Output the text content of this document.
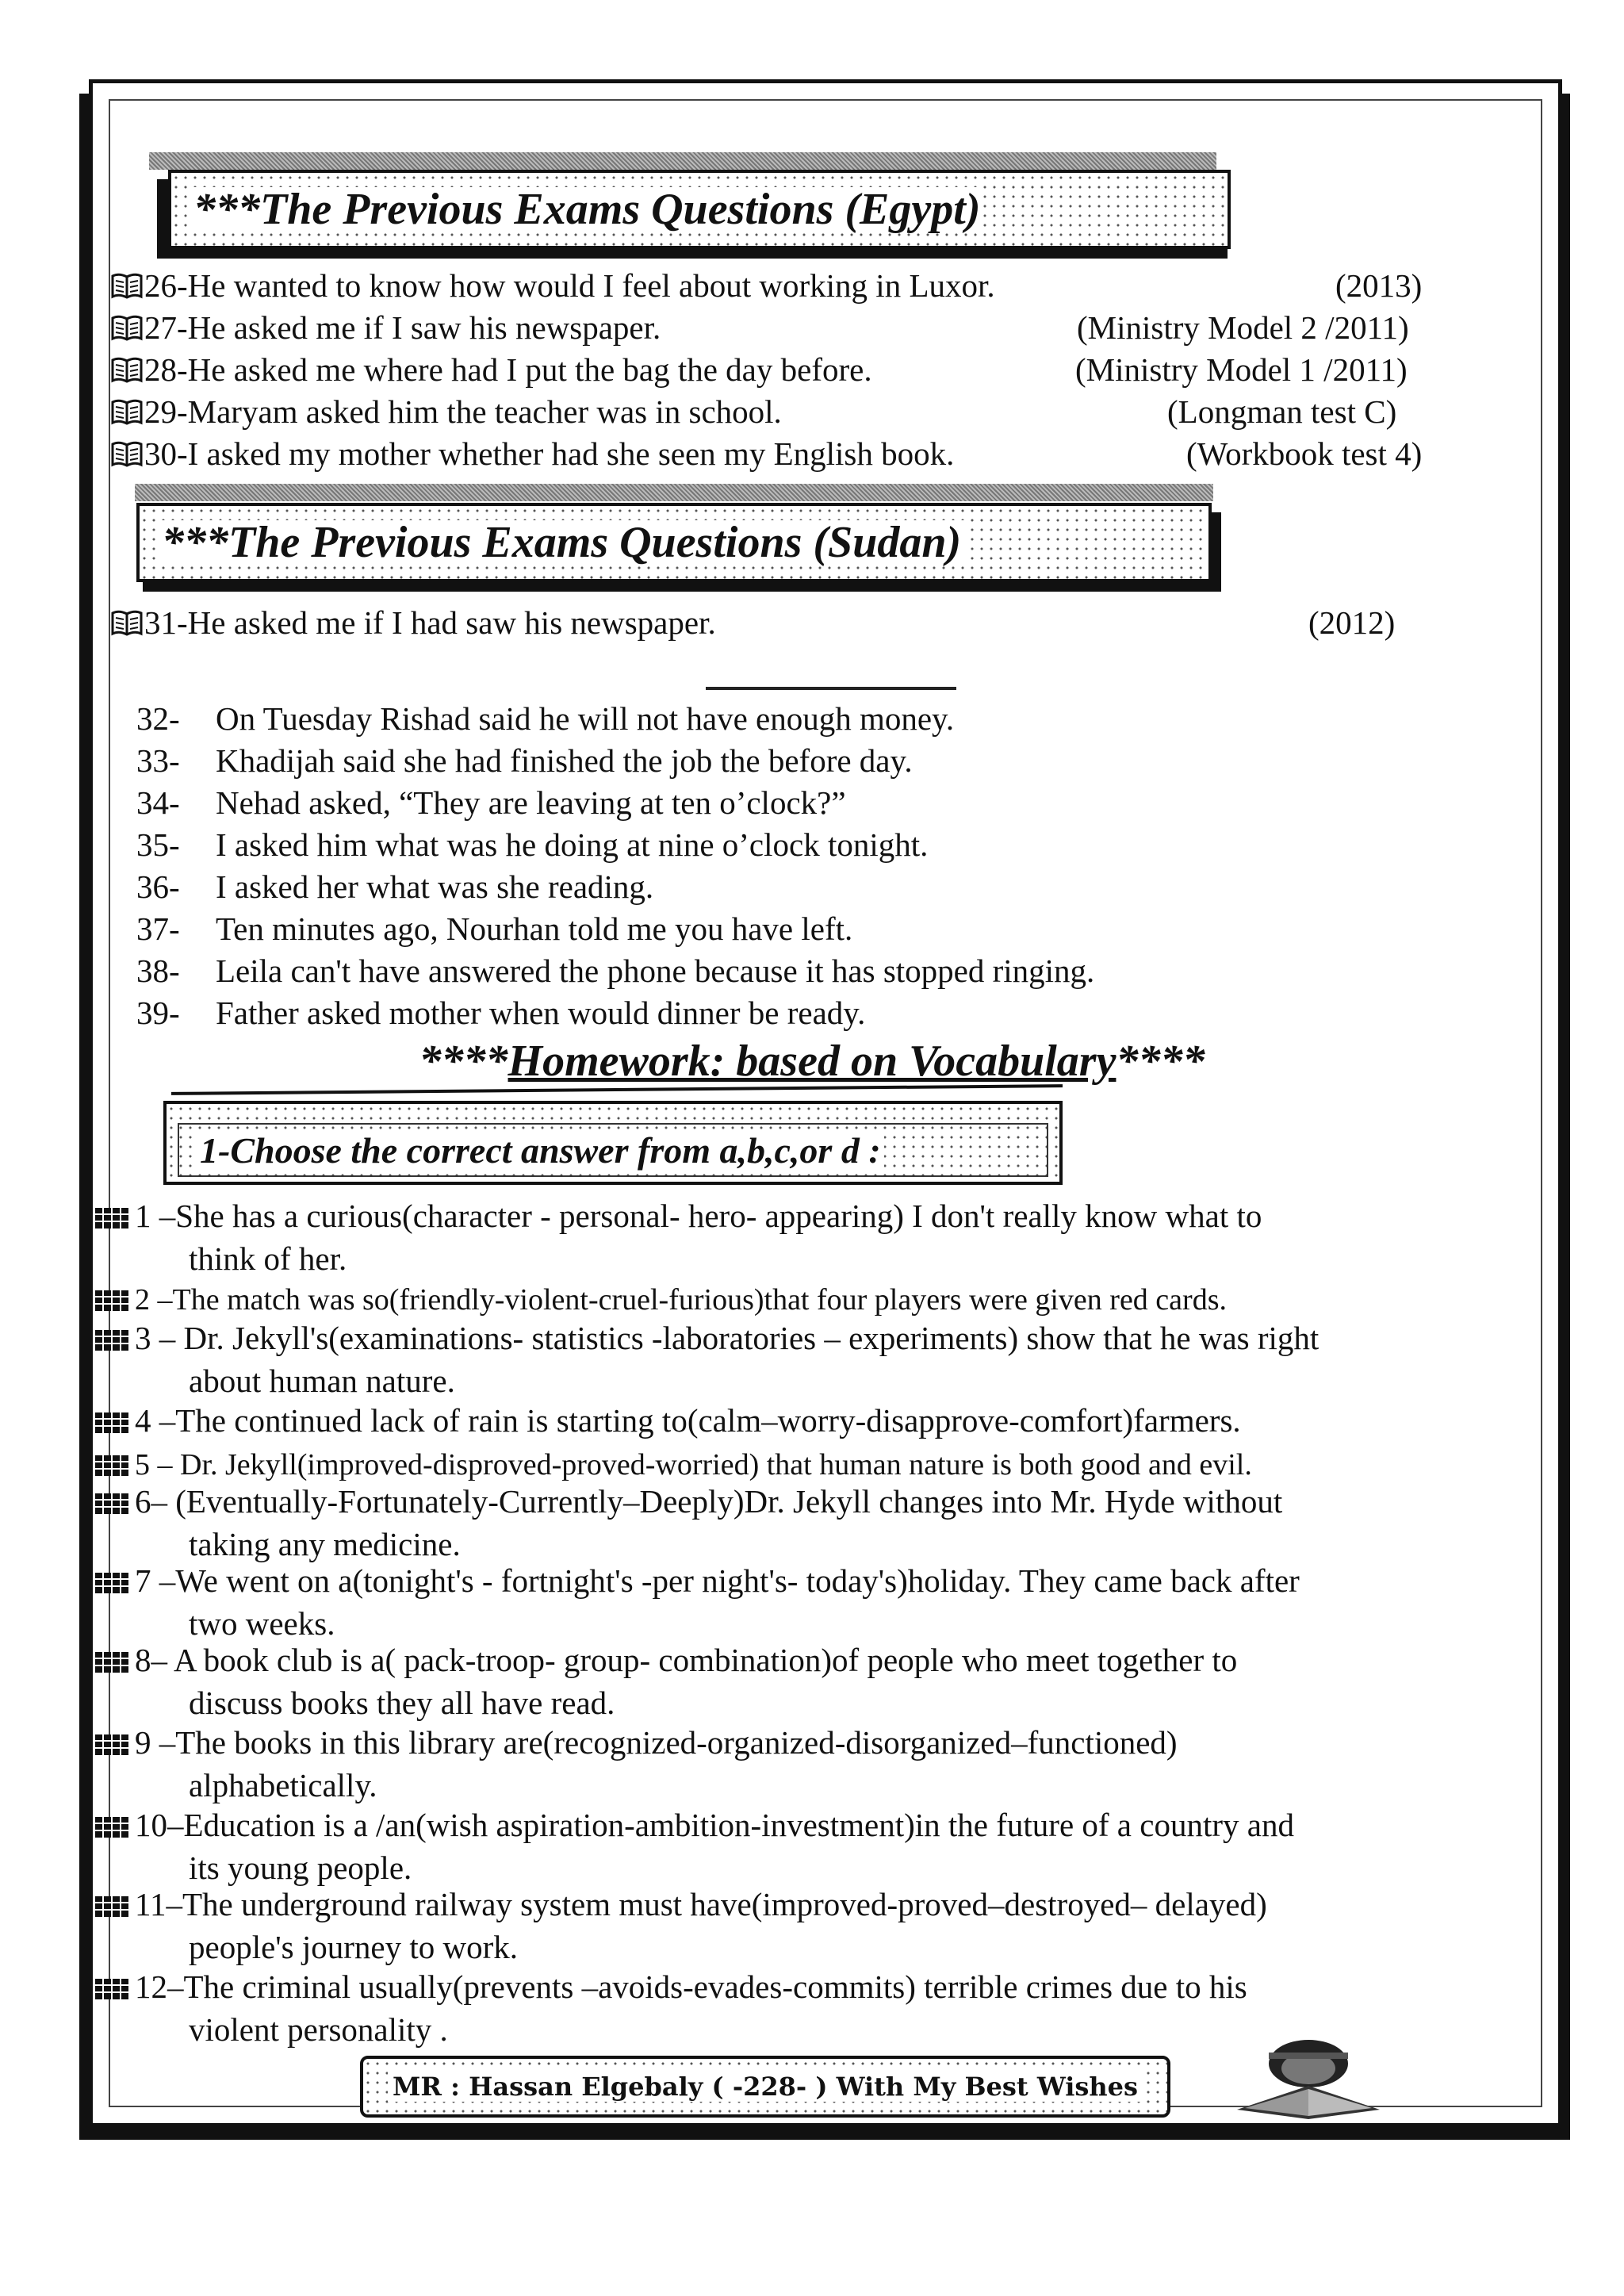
***The Previous Exams Questions (Egypt)
26-He wanted to know how would I feel about working in Luxor.	(2013)
27-He asked me if I saw his newspaper.	(Ministry Model 2 /2011)
28-He asked me where had I put the bag the day before.	(Ministry Model 1 /2011)
29-Maryam asked him the teacher was in school.	(Longman test C)
30-I asked my mother whether had she seen my English book.	(Workbook test 4)
***The Previous Exams Questions (Sudan)
31-He asked me if I had saw his newspaper.	(2012)
32- On Tuesday Rishad said he will not have enough money.
33- Khadijah said she had finished the job the before day.
34- Nehad asked, “They are leaving at ten o’clock?”
35- I asked him what was he doing at nine o’clock tonight.
36- I asked her what was she reading.
37- Ten minutes ago, Nourhan told me you have left.
38- Leila can't have answered the phone because it has stopped ringing.
39- Father asked mother when would dinner be ready.
****Homework: based on Vocabulary****
1-Choose the correct answer from a,b,c,or d :
1 –She has a curious(character - personal- hero- appearing) I don't really know what to
think of her.
2 –The match was so(friendly-violent-cruel-furious)that four players were given red cards.
3 – Dr. Jekyll's(examinations- statistics -laboratories – experiments) show that he was right
about human nature.
4 –The continued lack of rain is starting to(calm–worry-disapprove-comfort)farmers.
5 – Dr. Jekyll(improved-disproved-proved-worried) that human nature is both good and evil.
6– (Eventually-Fortunately-Currently–Deeply)Dr. Jekyll changes into Mr. Hyde without
taking any medicine.
7 –We went on a(tonight's - fortnight's -per night's- today's)holiday. They came back after
two weeks.
8– A book club is a( pack-troop- group- combination)of people who meet together to
discuss books they all have read.
9 –The books in this library are(recognized-organized-disorganized–functioned)
alphabetically.
10–Education is a /an(wish aspiration-ambition-investment)in the future of a country and
its young people.
11–The underground railway system must have(improved-proved–destroyed– delayed)
people's journey to work.
12–The criminal usually(prevents –avoids-evades-commits) terrible crimes due to his
violent personality .
MR : Hassan Elgebaly ( -228- ) With My Best Wishes
